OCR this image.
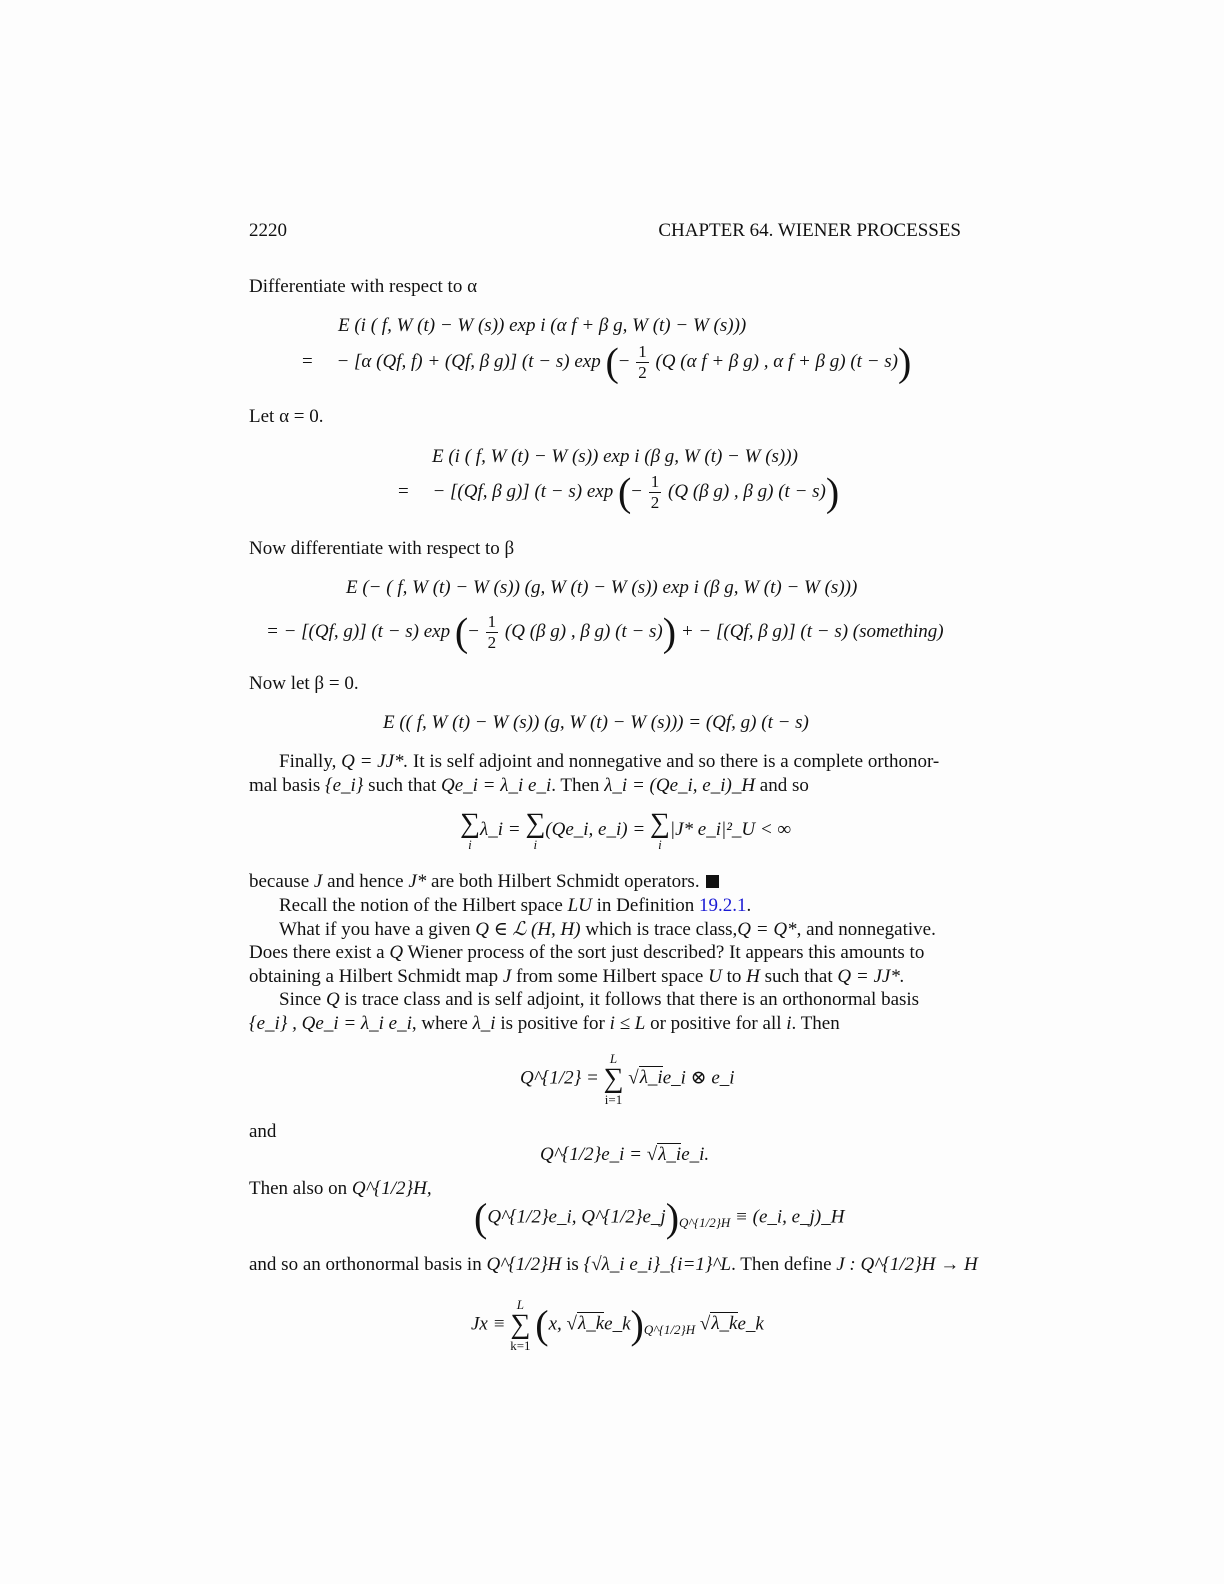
2220	CHAPTER 64. WIENER PROCESSES
Differentiate with respect to α
E (i ( f, W (t) − W (s)) exp i (α f + β g, W (t) − W (s)))
= − [α (Qf, f) + (Qf, β g)] (t − s) exp (− $\frac{1}{2} (Q$ (α f + β g) , α f + β g) (t − s))
Let α = 0.
E (i ( f, W (t) − W (s)) exp i (β g, W (t) − W (s)))
= − [(Qf, β g)] (t − s) exp (− $\frac{1}{2} (Q$ (β g) , β g) (t − s))
Now differentiate with respect to β
E (− ( f, W (t) − W (s)) (g, W (t) − W (s)) exp i (β g, W (t) − W (s)))
= − [(Qf, g)] (t − s) exp (− $\frac{1}{2} (Q$ (β g) , β g) (t − s)) + − [(Qf, β g)] (t − s) (something)
Now let β = 0.
E (( f, W (t) − W (s)) (g, W (t) − W (s))) = (Qf, g) (t − s)
Finally, Q = JJ*. It is self adjoint and nonnegative and so there is a complete orthonor-
mal basis {e_i} such that Qe_i = λ_i e_i. Then λ_i = (Qe_i, e_i)_H and so
∑
i
λ_i = ∑
i
(Qe_i, e_i) = ∑
i
|J* e_i|²_U < ∞
because J and hence J* are both Hilbert Schmidt operators.
Recall the notion of the Hilbert space LU in Definition 19.2.1.
What if you have a given Q ∈ ℒ (H, H) which is trace class,Q = Q*, and nonnegative.
Does there exist a Q Wiener process of the sort just described? It appears this amounts to
obtaining a Hilbert Schmidt map J from some Hilbert space U to H such that Q = JJ*.
Since Q is trace class and is self adjoint, it follows that there is an orthonormal basis
{e_i} , Qe_i = λ_i e_i, where λ_i is positive for i ≤ L or positive for all i. Then
Q^{1/2} =
L
∑
i=1
√λ_ie_i ⊗ e_i
and
Q^{1/2}e_i = √λ_ie_i.
Then also on Q^{1/2}H,
(Q^{1/2}e_i, $Q\^{}\{1/2\}e\_j)_{Q\^{}\{1/2\}H}$ ≡ (e_i, e_j)_H
and so an orthonormal basis in Q^{1/2}H is {√λ_i e_i}_{i=1}^L. Then define J : Q^{1/2}H → H
Jx ≡
L
∑
k=1 (x, $√\lambda\_ke\_k)_{Q\^{}\{1/2\}H}$ √λ_ke_k
